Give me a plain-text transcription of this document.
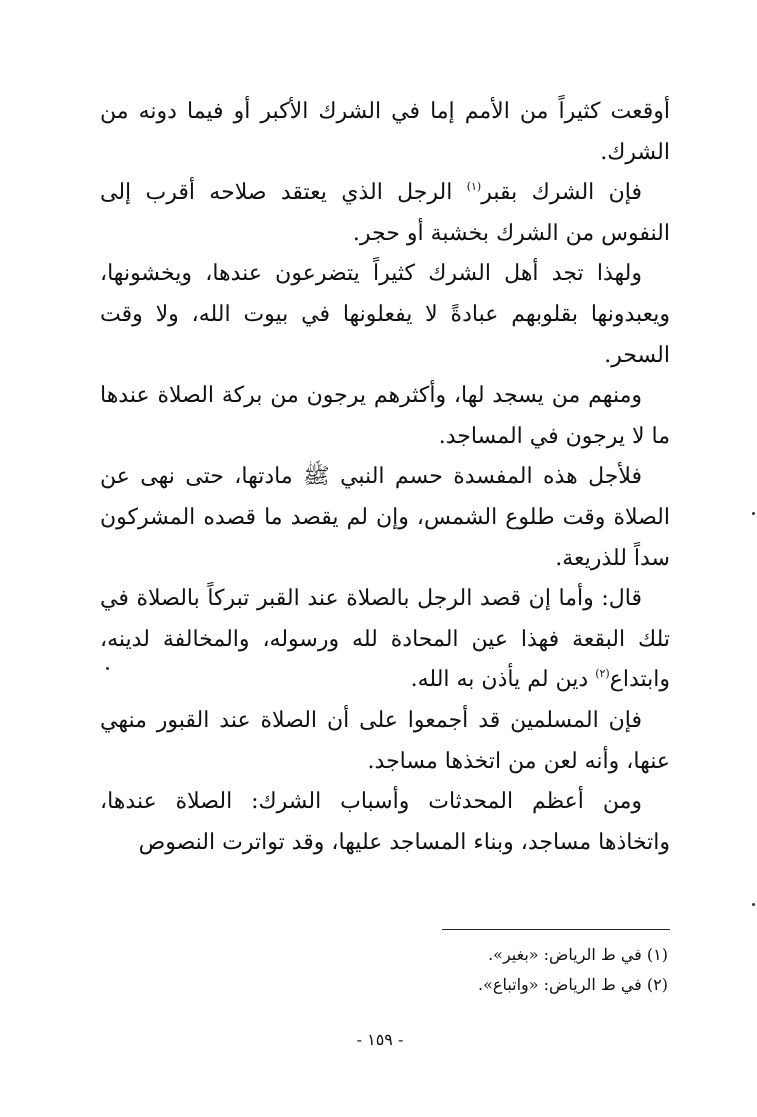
أوقعت كثيراً من الأمم إما في الشرك الأكبر أو فيما دونه من الشرك.

فإن الشرك بقبر$^{(١)}$ الرجل الذي يعتقد صلاحه أقرب إلى النفوس من الشرك بخشبة أو حجر.

ولهذا تجد أهل الشرك كثيراً يتضرعون عندها، ويخشونها، ويعبدونها بقلوبهم عبادةً لا يفعلونها في بيوت الله، ولا وقت السحر.

ومنهم من يسجد لها، وأكثرهم يرجون من بركة الصلاة عندها ما لا يرجون في المساجد.

فلأجل هذه المفسدة حسم النبي ﷺ مادتها، حتى نهى عن الصلاة وقت طلوع الشمس، وإن لم يقصد ما قصده المشركون سداً للذريعة.

قال: وأما إن قصد الرجل بالصلاة عند القبر تبركاً بالصلاة في تلك البقعة فهذا عين المحادة لله ورسوله، والمخالفة لدينه، وابتداع$^{(٢)}$ دين لم يأذن به الله.

فإن المسلمين قد أجمعوا على أن الصلاة عند القبور منهي عنها، وأنه لعن من اتخذها مساجد.

ومن أعظم المحدثات وأسباب الشرك: الصلاة عندها، واتخاذها مساجد، وبناء المساجد عليها، وقد تواترت النصوص

(١) في ط الرياض: «بغير».

(٢) في ط الرياض: «واتباع».

- ١٥٩ -
